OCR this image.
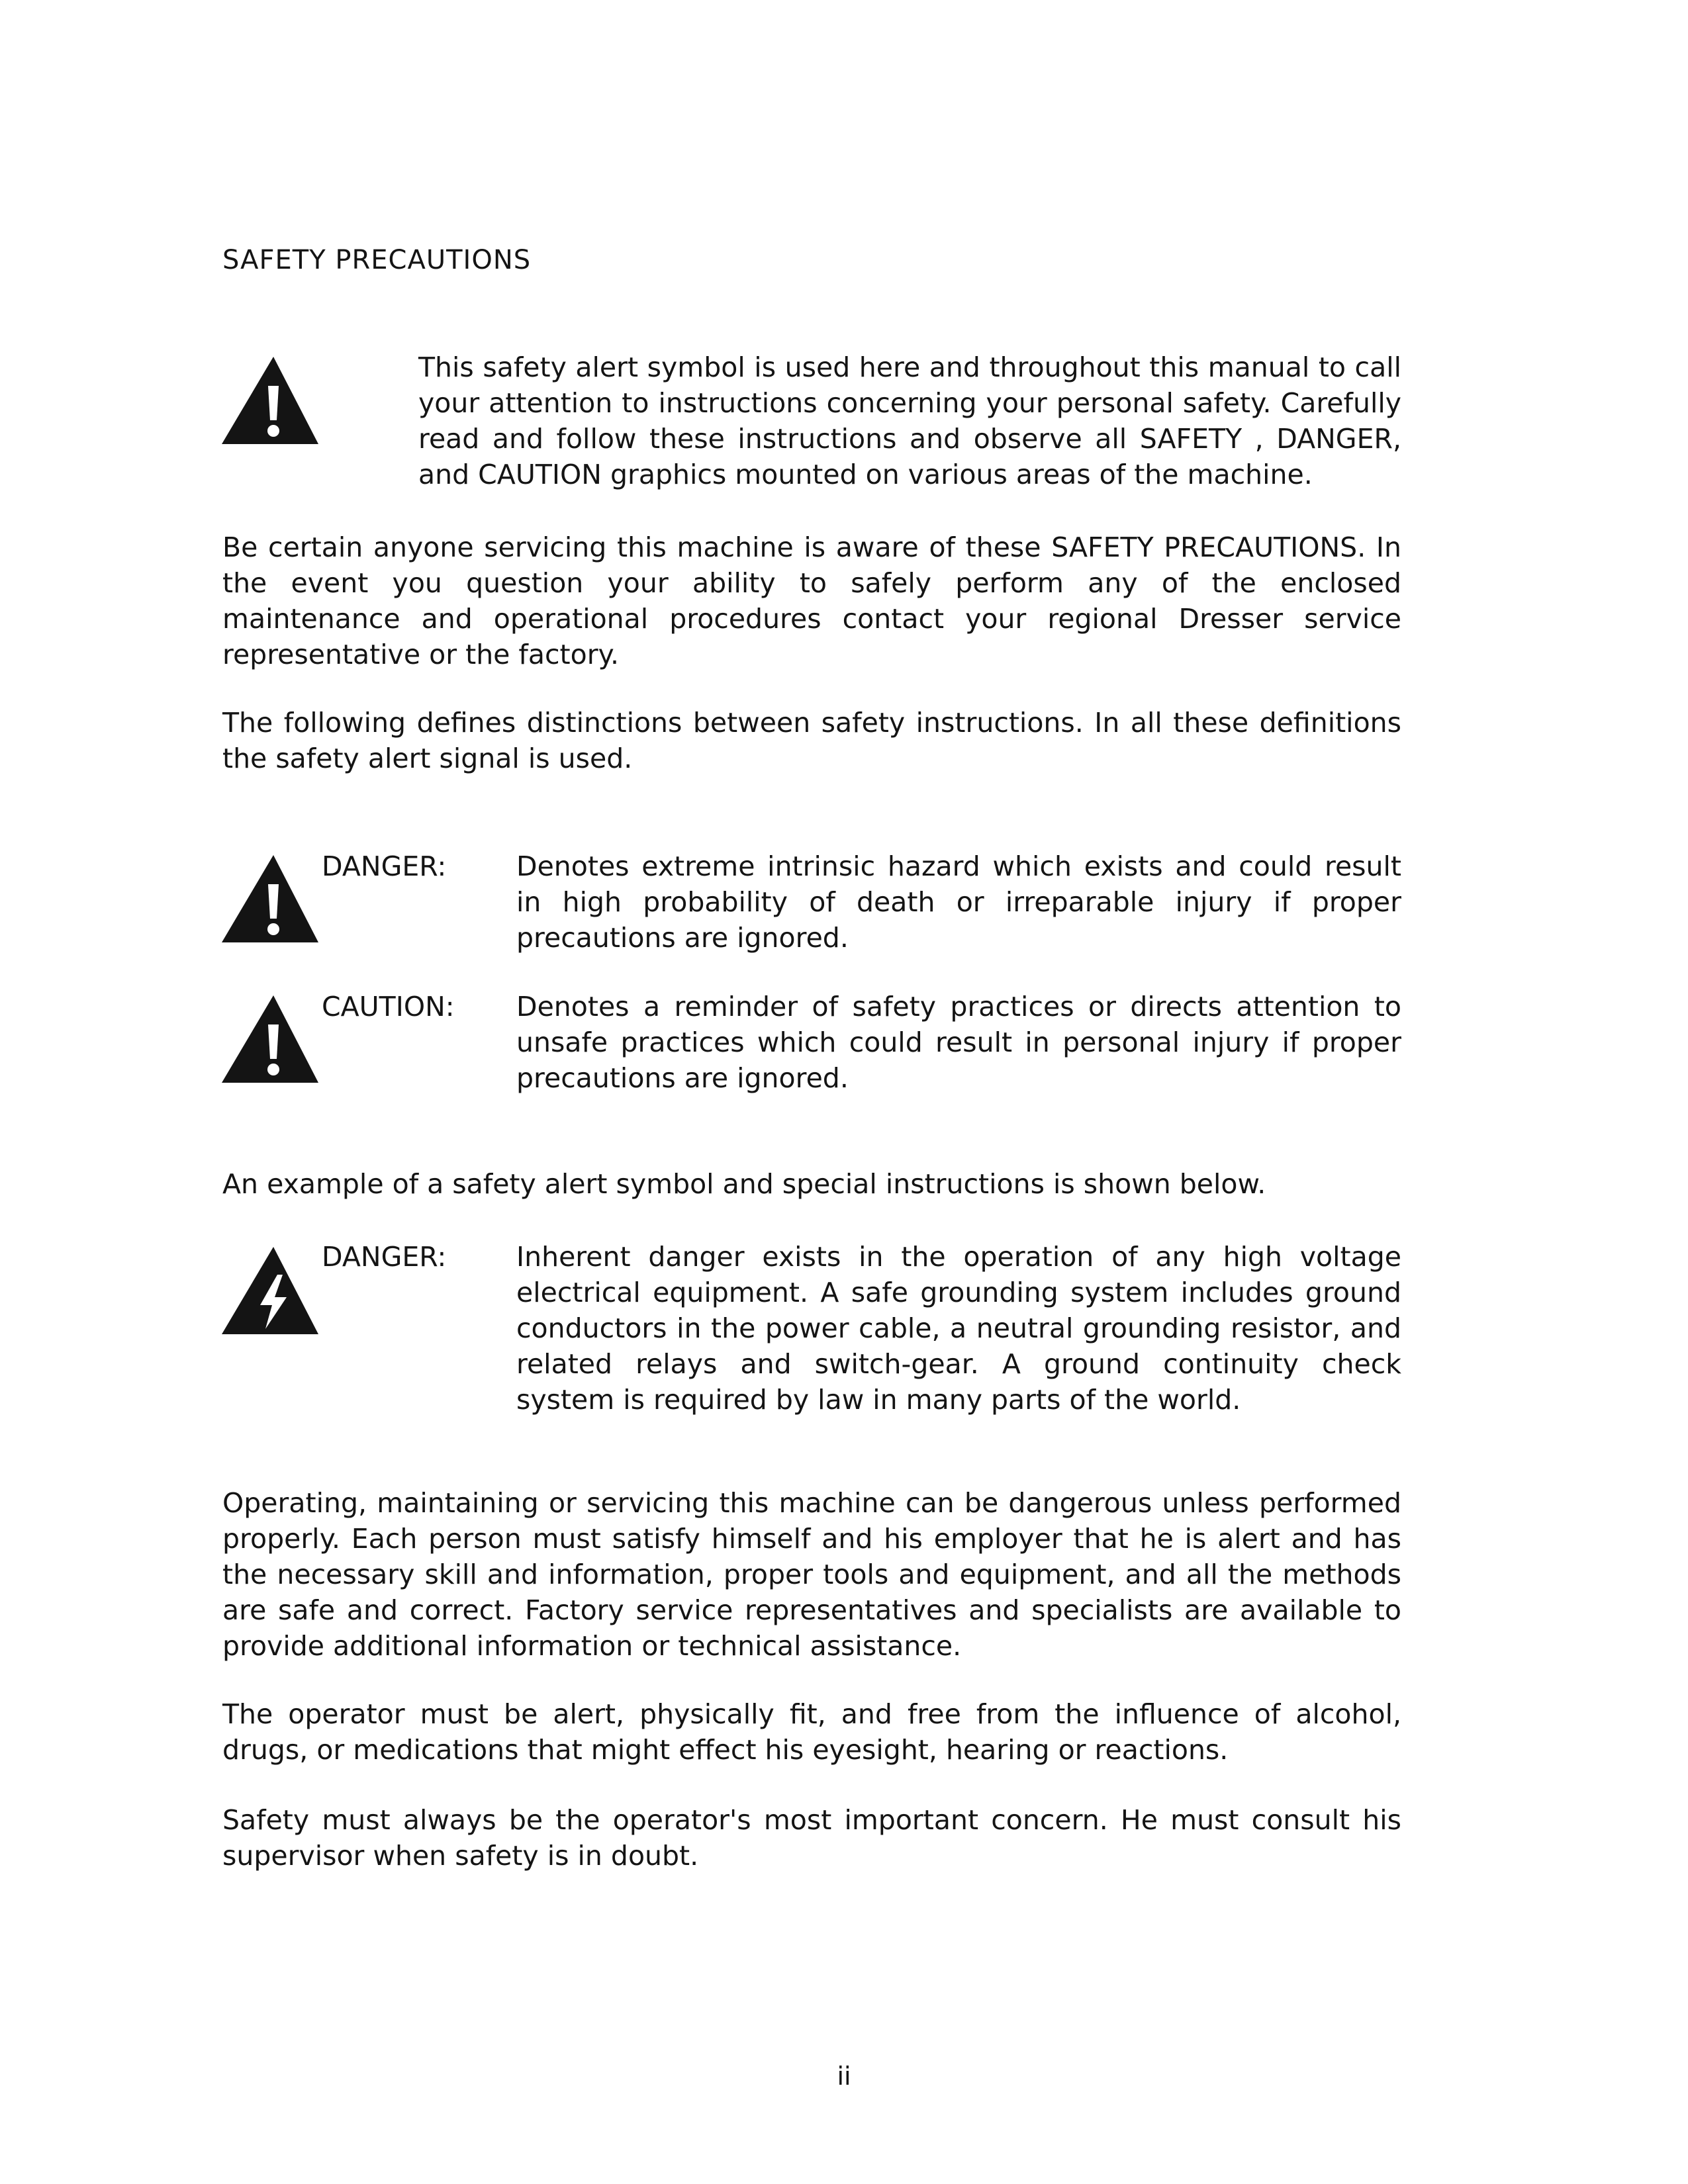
SAFETY PRECAUTIONS
This safety alert symbol is used here and throughout this manual to call your attention to instructions concerning your personal safety. Carefully read and follow these instructions and observe all SAFETY , DANGER, and CAUTION graphics mounted on various areas of the machine.
Be certain anyone servicing this machine is aware of these SAFETY PRECAUTIONS. In the event you question your ability to safely perform any of the enclosed maintenance and operational procedures contact your regional Dresser service representative or the factory.
The following defines distinctions between safety instructions. In all these definitions the safety alert signal is used.
DANGER:	Denotes extreme intrinsic hazard which exists and could result in high probability of death or irreparable injury if proper precautions are ignored.
CAUTION: Denotes a reminder of safety practices or directs attention to unsafe practices which could result in personal injury if proper precautions are ignored.
An example of a safety alert symbol and special instructions is shown below.
DANGER:	Inherent danger exists in the operation of any high voltage electrical equipment. A safe grounding system includes ground conductors in the power cable, a neutral grounding resistor, and related relays and switch-gear. A ground continuity check system is required by law in many parts of the world.
Operating, maintaining or servicing this machine can be dangerous unless performed properly. Each person must satisfy himself and his employer that he is alert and has the necessary skill and information, proper tools and equipment, and all the methods are safe and correct. Factory service representatives and specialists are available to provide additional information or technical assistance.
The operator must be alert, physically fit, and free from the influence of alcohol, drugs, or medications that might effect his eyesight, hearing or reactions.
Safety must always be the operator's most important concern. He must consult his supervisor when safety is in doubt.
ii
